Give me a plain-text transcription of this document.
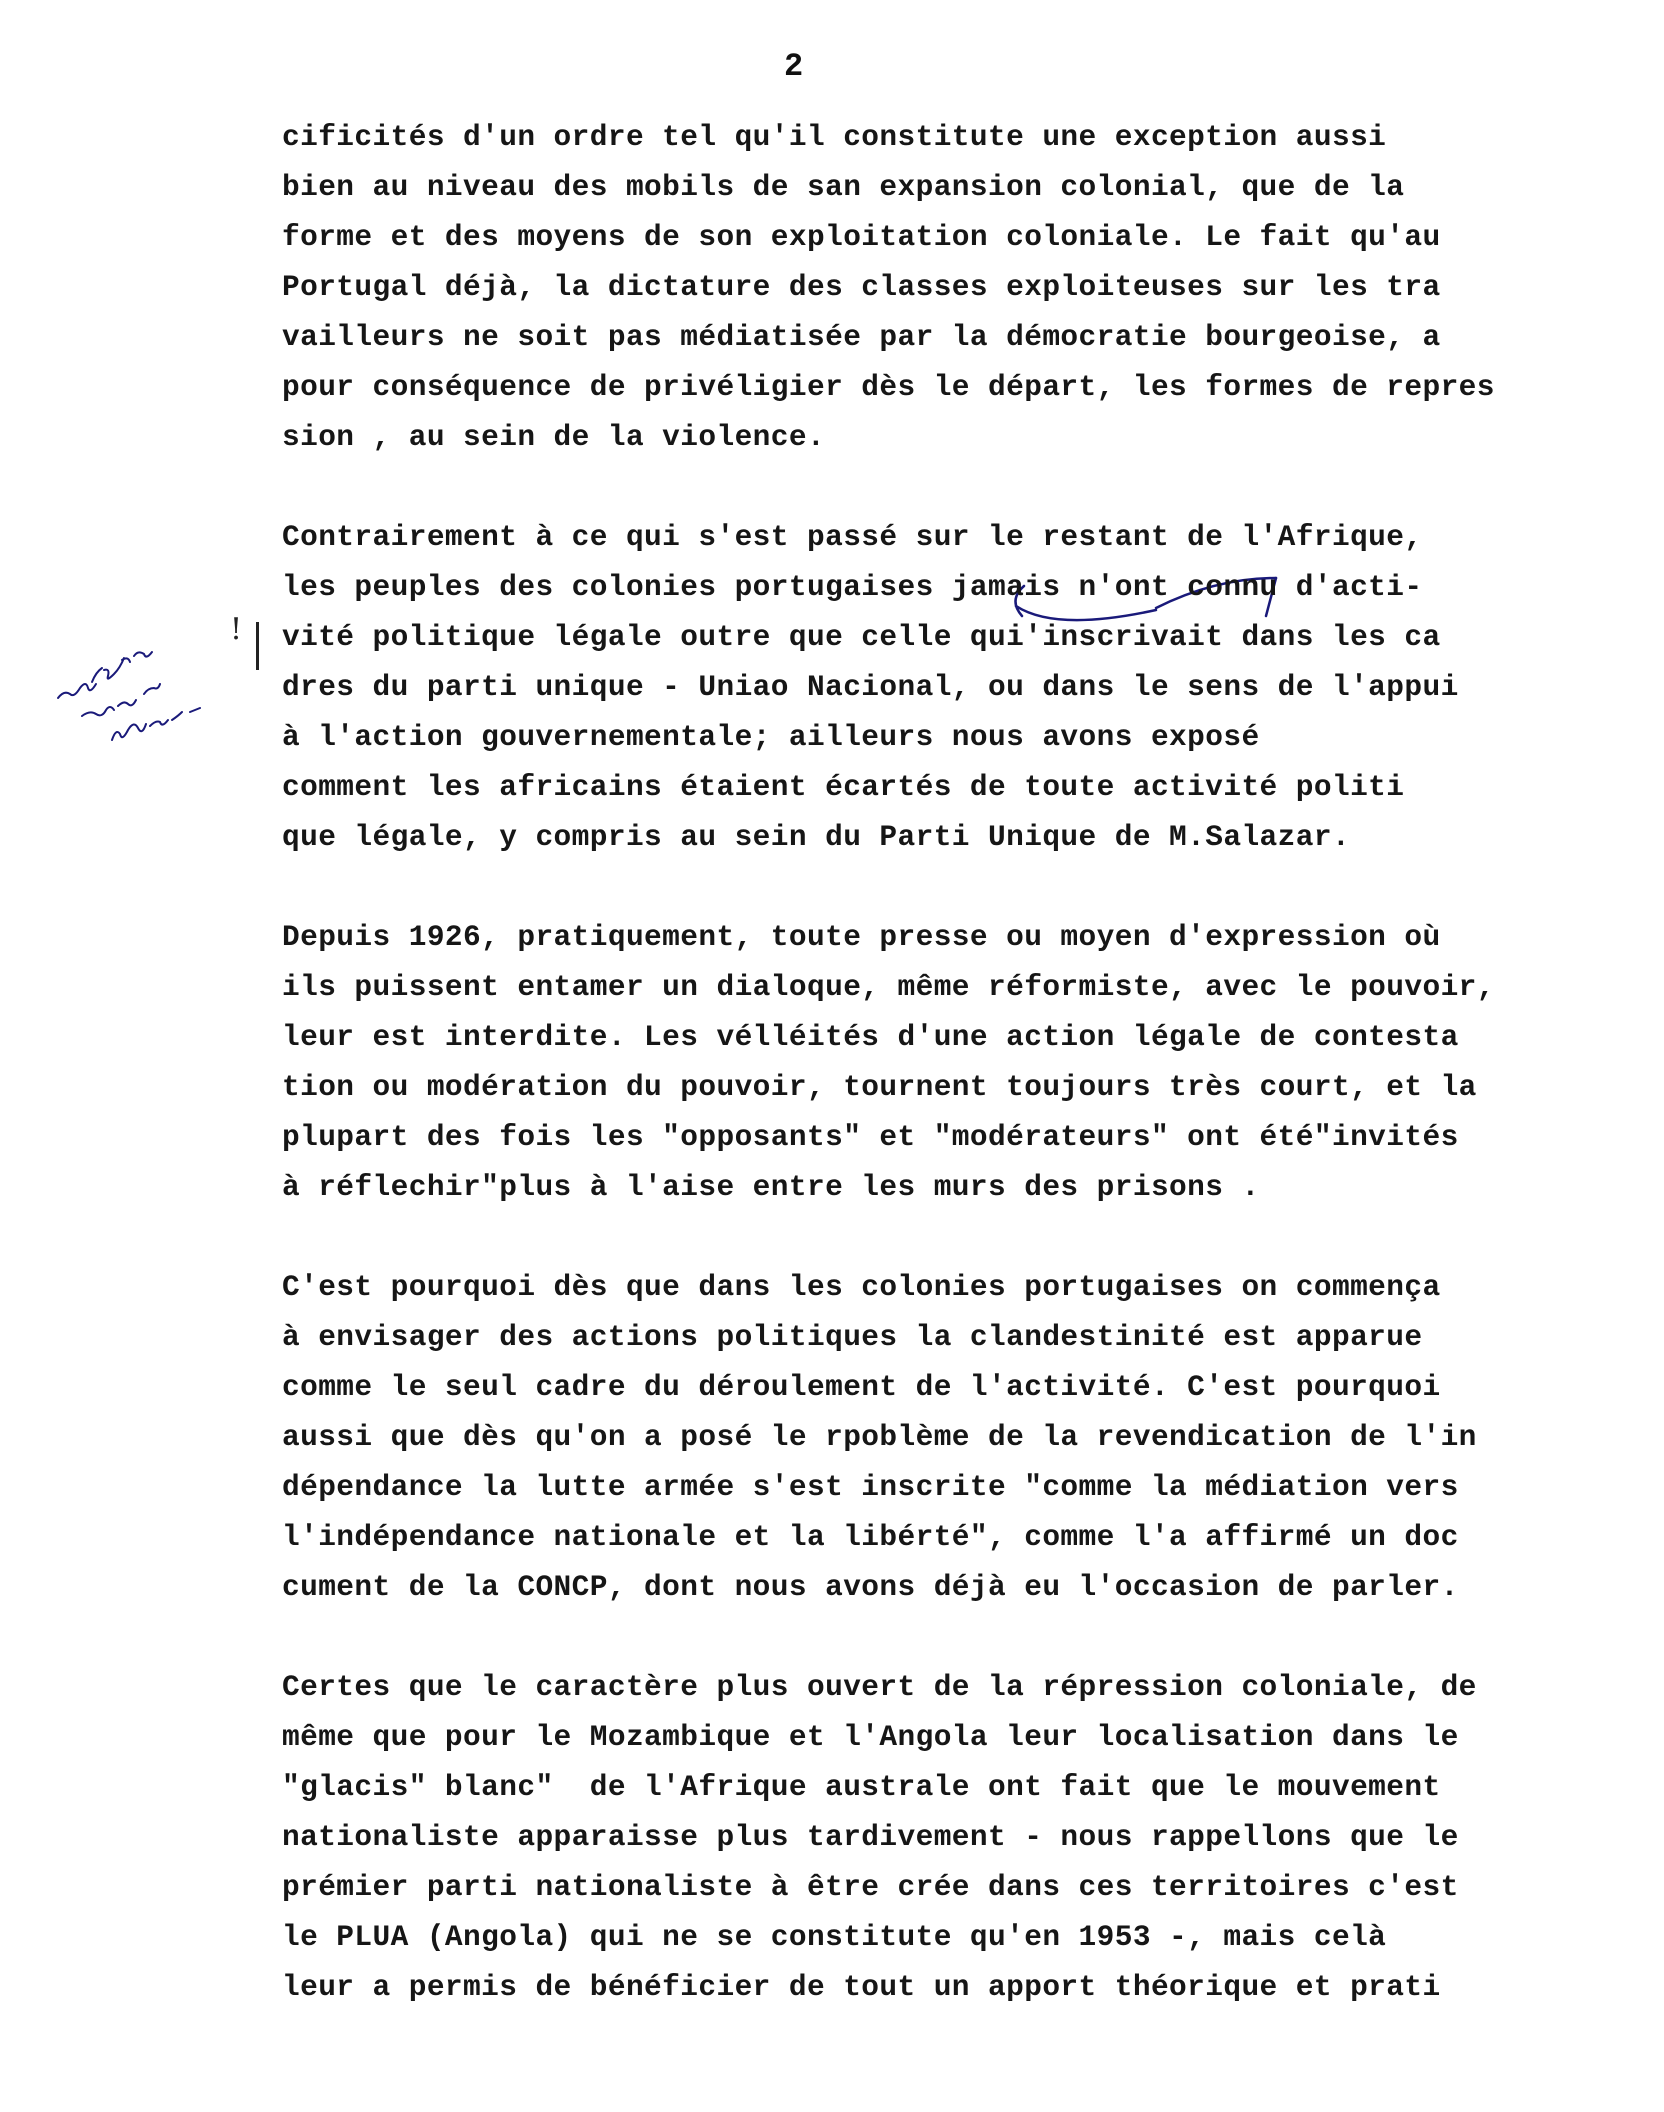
2
!
cificités d'un ordre tel qu'il constitute une exception aussi
bien au niveau des mobils de san expansion colonial, que de la
forme et des moyens de son exploitation coloniale. Le fait qu'au
Portugal déjà, la dictature des classes exploiteuses sur les tra
vailleurs ne soit pas médiatisée par la démocratie bourgeoise, a
pour conséquence de privéligier dès le départ, les formes de repres
sion , au sein de la violence.
Contrairement à ce qui s'est passé sur le restant de l'Afrique,
les peuples des colonies portugaises jamais n'ont connu d'acti-
vité politique légale outre que celle qui'inscrivait dans les ca
dres du parti unique - Uniao Nacional, ou dans le sens de l'appui
à l'action gouvernementale; ailleurs nous avons exposé
comment les africains étaient écartés de toute activité politi
que légale, y compris au sein du Parti Unique de M.Salazar.
Depuis 1926, pratiquement, toute presse ou moyen d'expression où
ils puissent entamer un dialoque, même réformiste, avec le pouvoir,
leur est interdite. Les vélléités d'une action légale de contesta
tion ou modération du pouvoir, tournent toujours très court, et la
plupart des fois les "opposants" et "modérateurs" ont été"invités
à réflechir"plus à l'aise entre les murs des prisons .
C'est pourquoi dès que dans les colonies portugaises on commença
à envisager des actions politiques la clandestinité est apparue
comme le seul cadre du déroulement de l'activité. C'est pourquoi
aussi que dès qu'on a posé le rpoblème de la revendication de l'in
dépendance la lutte armée s'est inscrite "comme la médiation vers
l'indépendance nationale et la libérté", comme l'a affirmé un doc
cument de la CONCP, dont nous avons déjà eu l'occasion de parler.
Certes que le caractère plus ouvert de la répression coloniale, de
même que pour le Mozambique et l'Angola leur localisation dans le
"glacis" blanc"  de l'Afrique australe ont fait que le mouvement
nationaliste apparaisse plus tardivement - nous rappellons que le
prémier parti nationaliste à être crée dans ces territoires c'est
le PLUA (Angola) qui ne se constitute qu'en 1953 -, mais celà
leur a permis de bénéficier de tout un apport théorique et prati
